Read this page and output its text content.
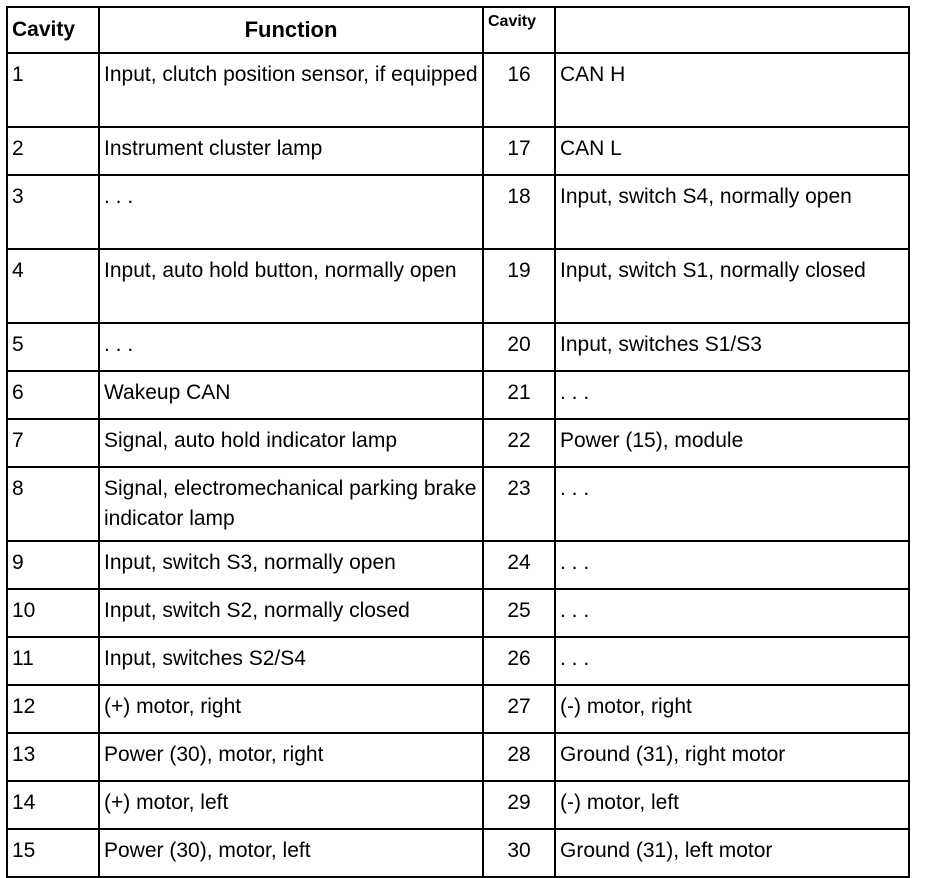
Cavity	Function	Cavity	
1	Input, clutch position sensor, if equipped	16	CAN H
2	Instrument cluster lamp	17	CAN L
3	. . .	18	Input, switch S4, normally open
4	Input, auto hold button, normally open	19	Input, switch S1, normally closed
5	. . .	20	Input, switches S1/S3
6	Wakeup CAN	21	. . .
7	Signal, auto hold indicator lamp	22	Power (15), module
8	Signal, electromechanical parking brake indicator lamp	23	. . .
9	Input, switch S3, normally open	24	. . .
10	Input, switch S2, normally closed	25	. . .
11	Input, switches S2/S4	26	. . .
12	(+) motor, right	27	(-) motor, right
13	Power (30), motor, right	28	Ground (31), right motor
14	(+) motor, left	29	(-) motor, left
15	Power (30), motor, left	30	Ground (31), left motor
